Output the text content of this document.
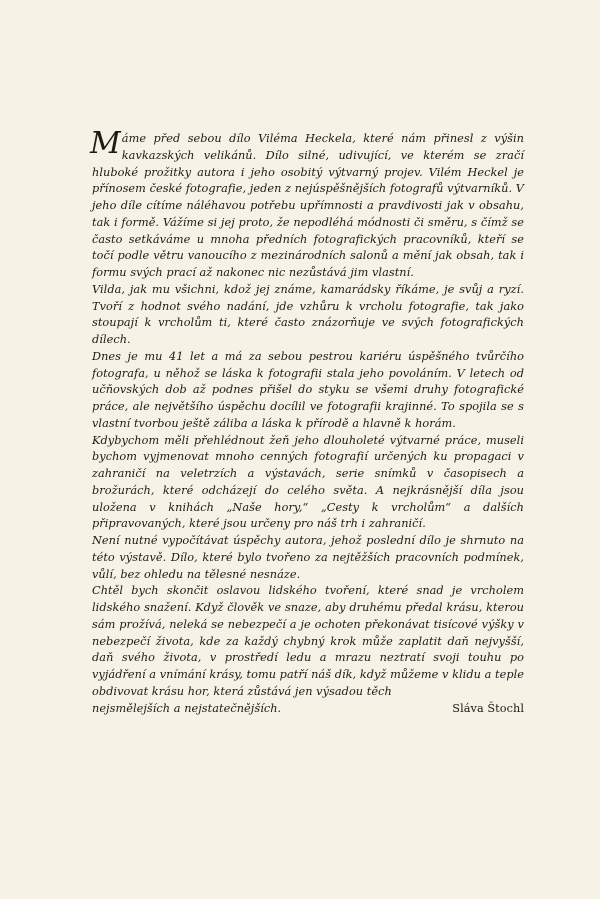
Máme před sebou dílo Viléma Heckela, které nám přinesl z výšin kavkazských velikánů. Dílo silné, udivující, ve kterém se zračí hluboké prožitky autora i jeho osobitý výtvarný projev. Vilém Heckel je přínosem české fotografie, jeden z nejúspěšnějších fotografů výtvarníků. V jeho díle cítíme náléhavou potřebu upřímnosti a pravdivosti jak v obsahu, tak i formě. Vážíme si jej proto, že nepodléhá módnosti či směru, s čímž se často setkáváme u mnoha předních fotografických pracovníků, kteří se točí podle větru vanoucího z mezinárodních salonů a mění jak obsah, tak i formu svých prací až nakonec nic nezůstává jim vlastní.

Vilda, jak mu všichni, kdož jej známe, kamarádsky říkáme, je svůj a ryzí. Tvoří z hodnot svého nadání, jde vzhůru k vrcholu fotografie, tak jako stoupají k vrcholům ti, které často znázorňuje ve svých fotografických dílech.

Dnes je mu 41 let a má za sebou pestrou kariéru úspěšného tvůrčího fotografa, u něhož se láska k fotografii stala jeho povoláním. V letech od učňovských dob až podnes přišel do styku se všemi druhy fotografické práce, ale největšího úspěchu docílil ve fotografii krajinné. To spojila se s vlastní tvorbou ještě záliba a láska k přírodě a hlavně k horám.

Kdybychom měli přehlédnout žeň jeho dlouholeté výtvarné práce, museli bychom vyjmenovat mnoho cenných fotografií určených ku propagaci v zahraničí na veletrzích a výstavách, serie snímků v časopisech a brožurách, které odcházejí do celého světa. A nejkrásnější díla jsou uložena v knihách „Naše hory,“ „Cesty k vrcholům“ a dalších připravovaných, které jsou určeny pro náš trh i zahraničí.

Není nutné vypočítávat úspěchy autora, jehož poslední dílo je shrnuto na této výstavě. Dílo, které bylo tvořeno za nejtěžších pracovních podmínek, vůlí, bez ohledu na tělesné nesnáze.

Chtěl bych skončit oslavou lidského tvoření, které snad je vrcholem lidského snažení. Když člověk ve snaze, aby druhému předal krásu, kterou sám prožívá, neleká se nebezpečí a je ochoten překonávat tisícové výšky v nebezpečí života, kde za každý chybný krok může zaplatit daň nejvyšší, daň svého života, v prostředí ledu a mrazu neztratí svoji touhu po vyjádření a vnímání krásy, tomu patří náš dík, když můžeme v klidu a teple obdivovat krásu hor, která zůstává jen výsadou těch

nejsmělejších a nejstatečnějších.	Sláva Štochl
